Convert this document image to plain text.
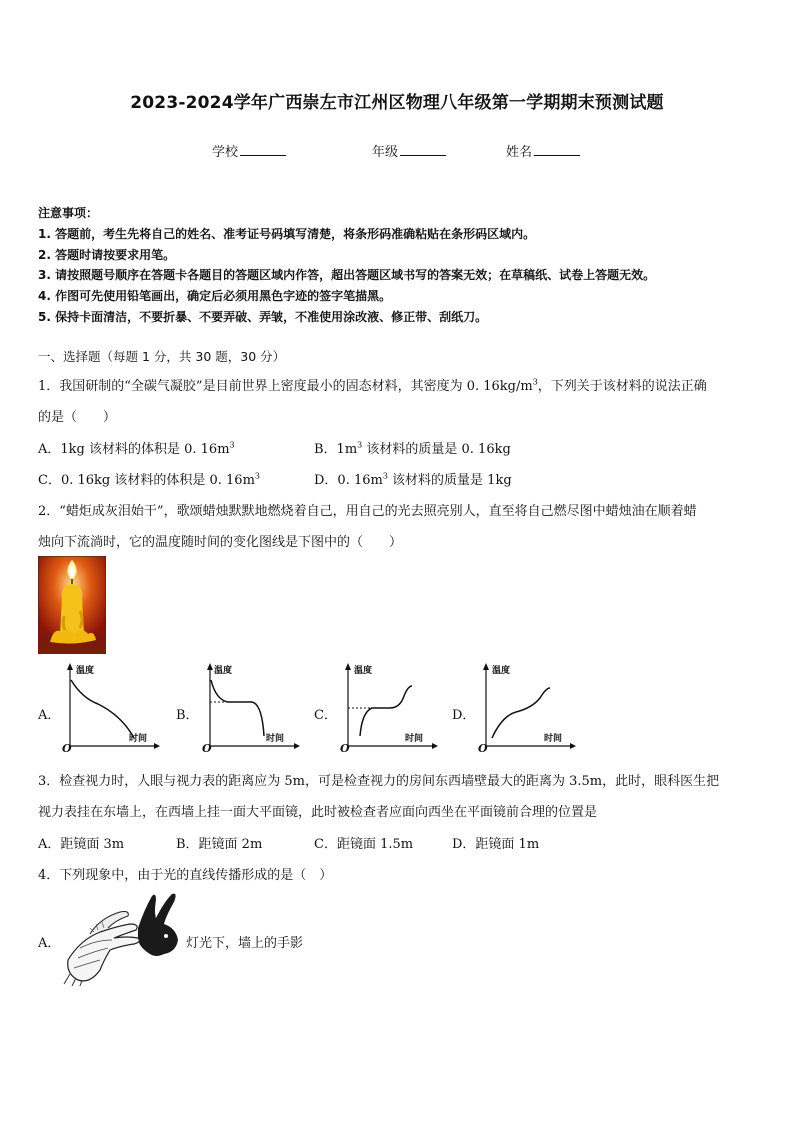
2023-2024学年广西崇左市江州区物理八年级第一学期期末预测试题
学校	年级	姓名
注意事项：
1. 答题前，考生先将自己的姓名、准考证号码填写清楚，将条形码准确粘贴在条形码区域内。
2. 答题时请按要求用笔。
3. 请按照题号顺序在答题卡各题目的答题区域内作答，超出答题区域书写的答案无效；在草稿纸、试卷上答题无效。
4. 作图可先使用铅笔画出，确定后必须用黑色字迹的签字笔描黑。
5. 保持卡面清洁，不要折暴、不要弄破、弄皱，不准使用涂改液、修正带、刮纸刀。
一、选择题（每题 1 分，共 30 题，30 分）
1．我国研制的“全碳气凝胶”是目前世界上密度最小的固态材料，其密度为 0. $16kg/m^3$，下列关于该材料的说法正确
的是（　　）
A．1kg 该材料的体积是 0. $16m^3$	B．$1m^3$ 该材料的质量是 0. 16kg
C．0. 16kg 该材料的体积是 0. $16m^3$	D．0. $16m^3$ 该材料的质量是 1kg
2．“蜡炬成灰泪始干”，歌颂蜡烛默默地燃烧着自己，用自己的光去照亮别人，直至将自己燃尽图中蜡烛油在顺着蜡
烛向下流淌时，它的温度随时间的变化图线是下图中的（　　）
A．
温度
时间
O
B．
温度
时间
O
C．
温度
时间
O
D．
温度
时间
O
3．检查视力时，人眼与视力表的距离应为 5m，可是检查视力的房间东西墙壁最大的距离为 3.5m，此时，眼科医生把
视力表挂在东墙上，在西墙上挂一面大平面镜，此时被检查者应面向西坐在平面镜前合理的位置是
A．距镜面 3m	B．距镜面 2m	C．距镜面 1.5m	D．距镜面 1m
4．下列现象中，由于光的直线传播形成的是（　）
A．	灯光下，墙上的手影
